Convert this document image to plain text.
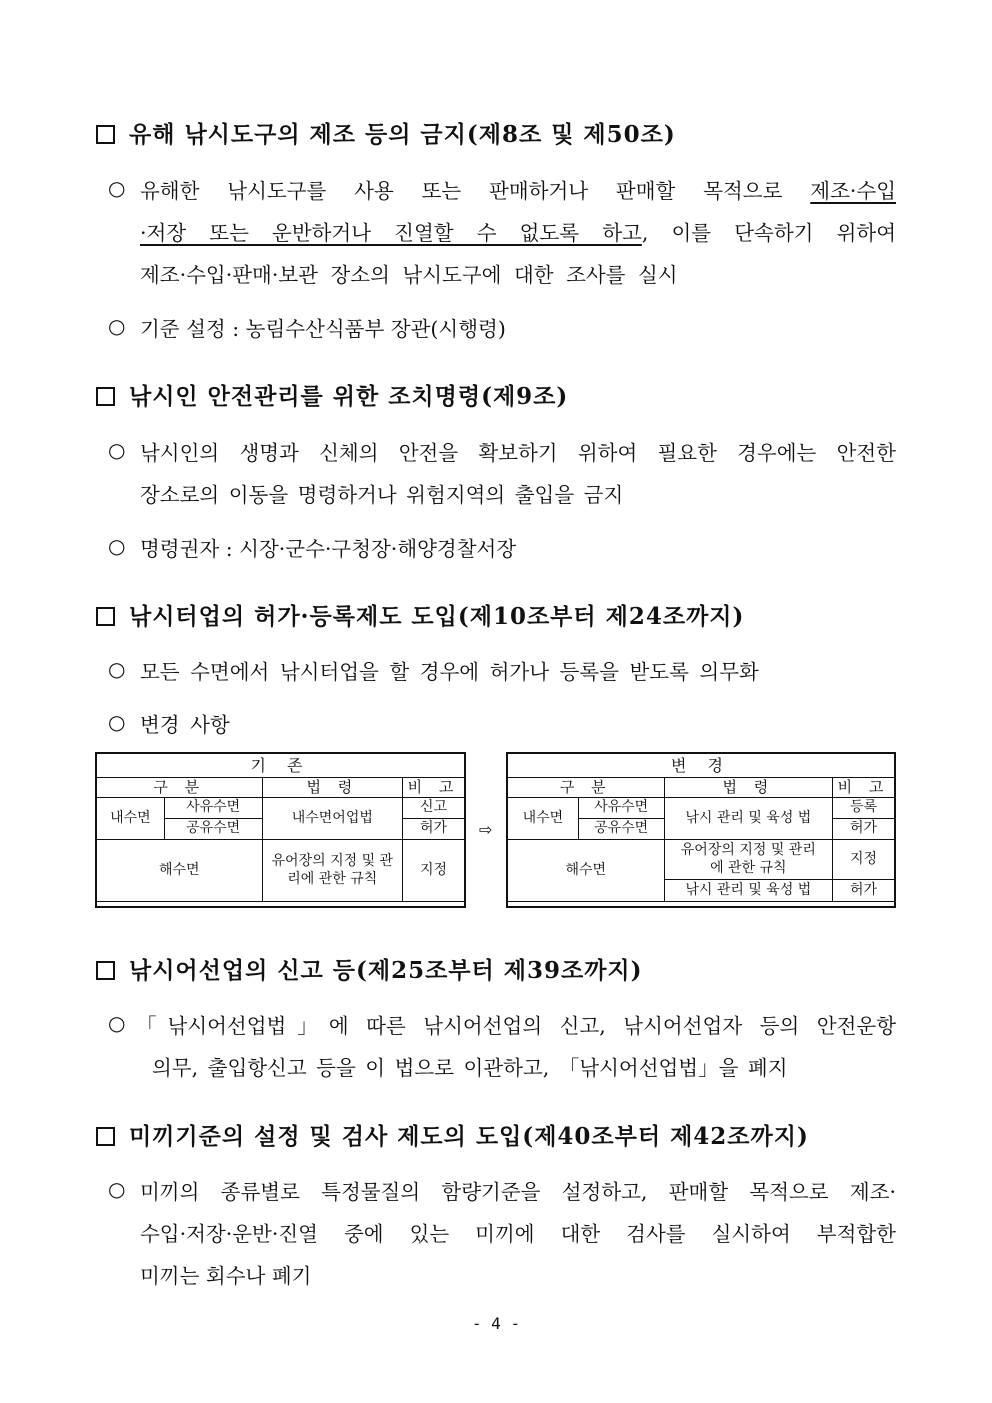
유해 낚시도구의 제조 등의 금지(제8조 및 제50조)
○ 유해한 낚시도구를 사용 또는 판매하거나 판매할 목적으로 제조·수입
·저장 또는 운반하거나 진열할 수 없도록 하고, 이를 단속하기 위하여
제조·수입·판매·보관 장소의 낚시도구에 대한 조사를 실시
○ 기준 설정 : 농림수산식품부 장관(시행령)
낚시인 안전관리를 위한 조치명령(제9조)
○ 낚시인의 생명과 신체의 안전을 확보하기 위하여 필요한 경우에는 안전한
장소로의 이동을 명령하거나 위험지역의 출입을 금지
○ 명령권자 : 시장·군수·구청장·해양경찰서장
낚시터업의 허가·등록제도 도입(제10조부터 제24조까지)
○ 모든 수면에서 낚시터업을 할 경우에 허가나 등록을 받도록 의무화
○ 변경 사항
기 존			
구 분		법 령	비 고
내수면	사유수면	내수면어업법	신고
	공유수면		허가
해수면		유어장의 지정 및 관리에 관한 규칙	지정
⇨
변 경			
구 분		법 령	비 고
내수면	사유수면	낚시 관리 및 육성 법	등록
	공유수면		허가
해수면		유어장의 지정 및 관리에 관한 규칙	지정
		낚시 관리 및 육성 법	허가
낚시어선업의 신고 등(제25조부터 제39조까지)
○ 「낚시어선업법」에 따른 낚시어선업의 신고, 낚시어선업자 등의 안전운항
의무, 출입항신고 등을 이 법으로 이관하고, 「낚시어선업법」을 폐지
미끼기준의 설정 및 검사 제도의 도입(제40조부터 제42조까지)
○ 미끼의 종류별로 특정물질의 함량기준을 설정하고, 판매할 목적으로 제조·
수입·저장·운반·진열 중에 있는 미끼에 대한 검사를 실시하여 부적합한
미끼는 회수나 폐기
- 4 -
